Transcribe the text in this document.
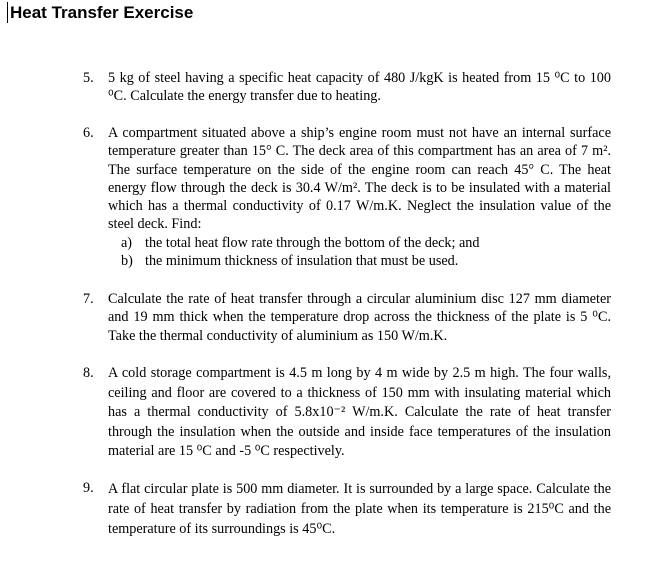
Heat Transfer Exercise
5. 5 kg of steel having a specific heat capacity of 480 J/kgK is heated from 15 ⁰C to 100 ⁰C. Calculate the energy transfer due to heating.
6. A compartment situated above a ship’s engine room must not have an internal surface temperature greater than 15° C. The deck area of this compartment has an area of 7 m². The surface temperature on the side of the engine room can reach 45° C. The heat energy flow through the deck is 30.4 W/m². The deck is to be insulated with a material which has a thermal conductivity of 0.17 W/m.K. Neglect the insulation value of the steel deck. Find:
a) the total heat flow rate through the bottom of the deck; and
b) the minimum thickness of insulation that must be used.
7. Calculate the rate of heat transfer through a circular aluminium disc 127 mm diameter and 19 mm thick when the temperature drop across the thickness of the plate is 5 ⁰C. Take the thermal conductivity of aluminium as 150 W/m.K.
8. A cold storage compartment is 4.5 m long by 4 m wide by 2.5 m high. The four walls, ceiling and floor are covered to a thickness of 150 mm with insulating material which has a thermal conductivity of 5.8x10⁻² W/m.K. Calculate the rate of heat transfer through the insulation when the outside and inside face temperatures of the insulation material are 15 ⁰C and -5 ⁰C respectively.
9. A flat circular plate is 500 mm diameter. It is surrounded by a large space. Calculate the rate of heat transfer by radiation from the plate when its temperature is 215⁰C and the temperature of its surroundings is 45⁰C.
